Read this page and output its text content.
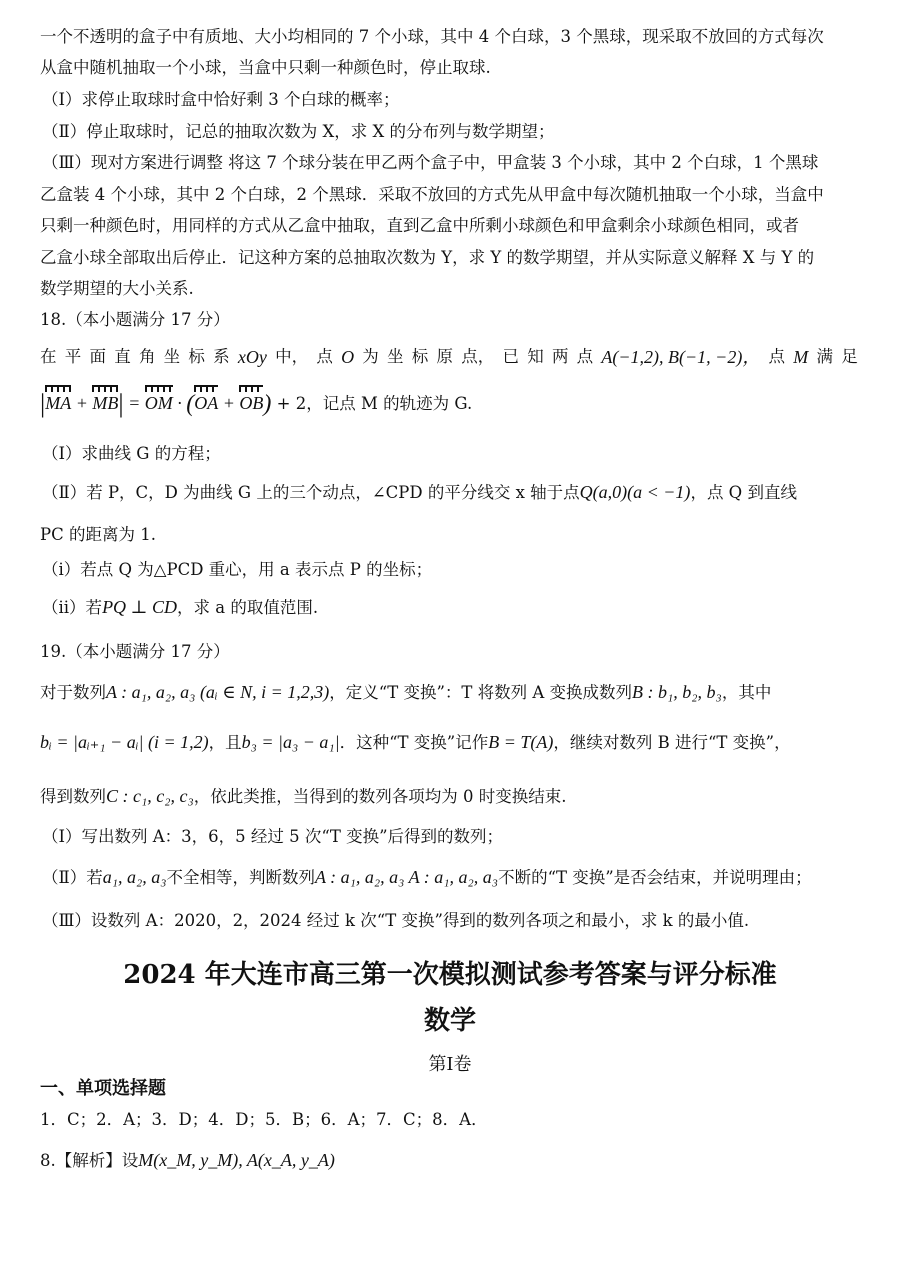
一个不透明的盒子中有质地、大小均相同的 7 个小球，其中 4 个白球，3 个黑球，现采取不放回的方式每次
从盒中随机抽取一个小球，当盒中只剩一种颜色时，停止取球.
（Ⅰ）求停止取球时盒中恰好剩 3 个白球的概率；
（Ⅱ）停止取球时，记总的抽取次数为 X，求 X 的分布列与数学期望；
（Ⅲ）现对方案进行调整 将这 7 个球分装在甲乙两个盒子中，甲盒装 3 个小球，其中 2 个白球，1 个黑球
乙盒装 4 个小球，其中 2 个白球，2 个黑球．采取不放回的方式先从甲盒中每次随机抽取一个小球，当盒中
只剩一种颜色时，用同样的方式从乙盒中抽取，直到乙盒中所剩小球颜色和甲盒剩余小球颜色相同，或者
乙盒小球全部取出后停止．记这种方案的总抽取次数为 Y，求 Y 的数学期望，并从实际意义解释 X 与 Y 的
数学期望的大小关系.
18.（本小题满分 17 分）
在 平 面 直 角 坐 标 系 xOy 中， 点 O 为 坐 标 原 点， 已 知 两 点 A(−1,2), B(−1, −2)， 点 M 满 足
|MA + MB| = OM · (OA + OB) + 2，记点 M 的轨迹为 G.
（Ⅰ）求曲线 G 的方程；
（Ⅱ）若 P，C，D 为曲线 G 上的三个动点，∠CPD 的平分线交 x 轴于点Q(a,0)(a < −1)，点 Q 到直线
PC 的距离为 1.
（ⅰ）若点 Q 为△PCD 重心，用 a 表示点 P 的坐标；
（ⅱ）若PQ ⊥ CD，求 a 的取值范围.
19.（本小题满分 17 分）
对于数列A : a₁, a₂, a₃ (aᵢ ∈ N, i = 1,2,3)，定义“T 变换”：T 将数列 A 变换成数列B : b₁, b₂, b₃，其中
bᵢ = |aᵢ₊₁ − aᵢ| (i = 1,2)，且b₃ = |a₃ − a₁|．这种“T 变换”记作B = T(A)，继续对数列 B 进行“T 变换”，
得到数列C : c₁, c₂, c₃，依此类推，当得到的数列各项均为 0 时变换结束.
（Ⅰ）写出数列 A：3，6，5 经过 5 次“T 变换”后得到的数列；
（Ⅱ）若a₁, a₂, a₃不全相等，判断数列A : a₁, a₂, a₃ A : a₁, a₂, a₃不断的“T 变换”是否会结束，并说明理由；
（Ⅲ）设数列 A：2020，2，2024 经过 k 次“T 变换”得到的数列各项之和最小，求 k 的最小值.
2024 年大连市高三第一次模拟测试参考答案与评分标准
数学
第Ⅰ卷
一、单项选择题
1．C；2．A；3．D；4．D；5．B；6．A；7．C；8．A．
8.【解析】设M(x_M, y_M), A(x_A, y_A)
